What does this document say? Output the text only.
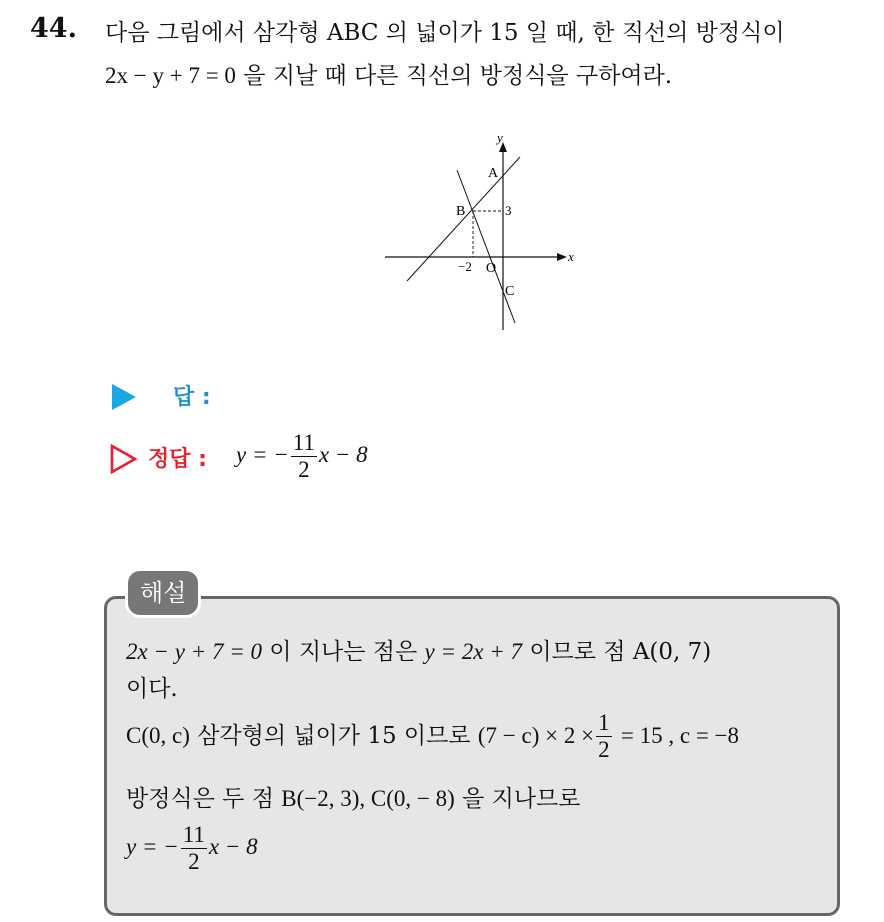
44. 다음 그림에서 삼각형 ABC 의 넓이가 15 일 때, 한 직선의 방정식이
2x − y + 7 = 0 을 지날 때 다른 직선의 방정식을 구하여라.
y
x
A
B
C
O
3
−2
답 :
정답 : y = − $\frac{11}{2}$ x − 8
해설
2x − y + 7 = 0 이 지나는 점은 y = 2x + 7 이므로 점 A(0, 7)
이다.
C(0, c) 삼각형의 넓이가 15 이므로 $(7 - c) \times 2 \times \frac{1}{2} = 15$ , c = −8
방정식은 두 점 B(−2, 3), C(0, − 8) 을 지나므로
y = − $\frac{11}{2}$ x − 8
